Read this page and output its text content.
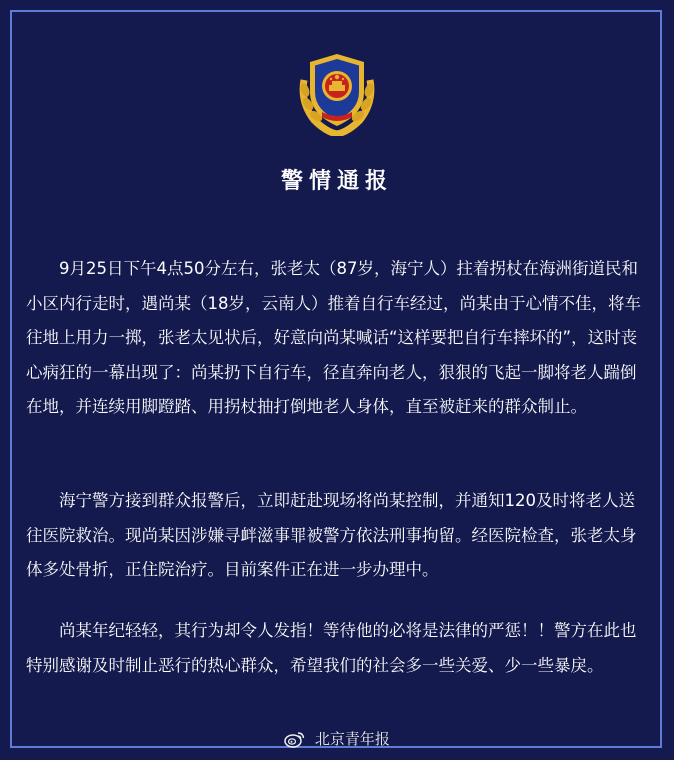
警情通报

9月25日下午4点50分左右，张老太（87岁，海宁人）拄着拐杖在海洲街道民和小区内行走时，遇尚某（18岁，云南人）推着自行车经过，尚某由于心情不佳，将车往地上用力一掷，张老太见状后，好意向尚某喊话“这样要把自行车摔坏的”，这时丧心病狂的一幕出现了：尚某扔下自行车，径直奔向老人，狠狠的飞起一脚将老人踹倒在地，并连续用脚蹬踏、用拐杖抽打倒地老人身体，直至被赶来的群众制止。

海宁警方接到群众报警后，立即赶赴现场将尚某控制，并通知120及时将老人送往医院救治。现尚某因涉嫌寻衅滋事罪被警方依法刑事拘留。经医院检查，张老太身体多处骨折，正住院治疗。目前案件正在进一步办理中。

尚某年纪轻轻，其行为却令人发指！等待他的必将是法律的严惩！！警方在此也特别感谢及时制止恶行的热心群众，希望我们的社会多一些关爱、少一些暴戾。

北京青年报
